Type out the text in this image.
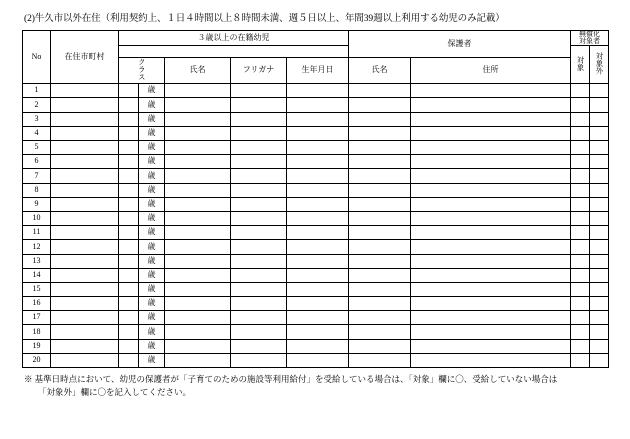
(2)牛久市以外在住（利用契約上、１日４時間以上８時間未満、週５日以上、年間39週以上利用する幼児のみ記載）
No	在住市町村	３歳以上の在籍幼児					保護者		無償化
対象者	
									対象	対象外
		クラス		氏名	フリガナ	生年月日	氏名	住所		
1			歳							
2			歳							
3			歳							
4			歳							
5			歳							
6			歳							
7			歳							
8			歳							
9			歳							
10			歳							
11			歳							
12			歳							
13			歳							
14			歳							
15			歳							
16			歳							
17			歳							
18			歳							
19			歳							
20			歳							
※ 基準日時点において、幼児の保護者が「子育てのための施設等利用給付」を受給している場合は、「対象」欄に〇、受給していない場合は
「対象外」欄に〇を記入してください。
